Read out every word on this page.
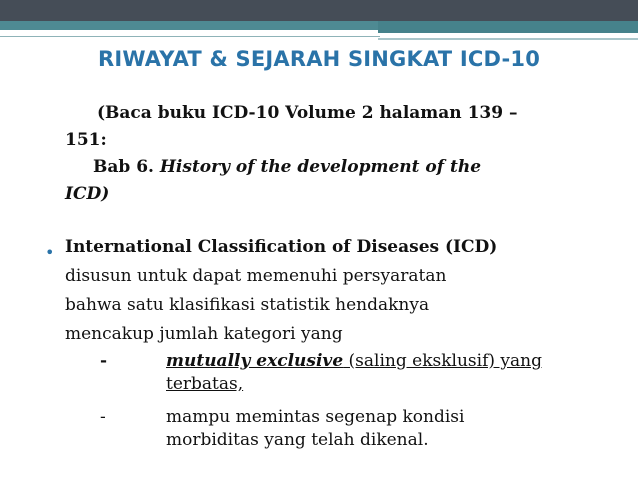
RIWAYAT & SEJARAH SINGKAT ICD-10
(Baca buku ICD-10 Volume 2 halaman 139 –
151:
Bab 6. History of the development of the
ICD)
• International Classification of Diseases (ICD)
disusun untuk dapat memenuhi persyaratan
bahwa satu klasifikasi statistik hendaknya
mencakup jumlah kategori yang
-	mutually exclusive (saling eksklusif) yang
terbatas,
-	mampu memintas segenap kondisi
morbiditas yang telah dikenal.
